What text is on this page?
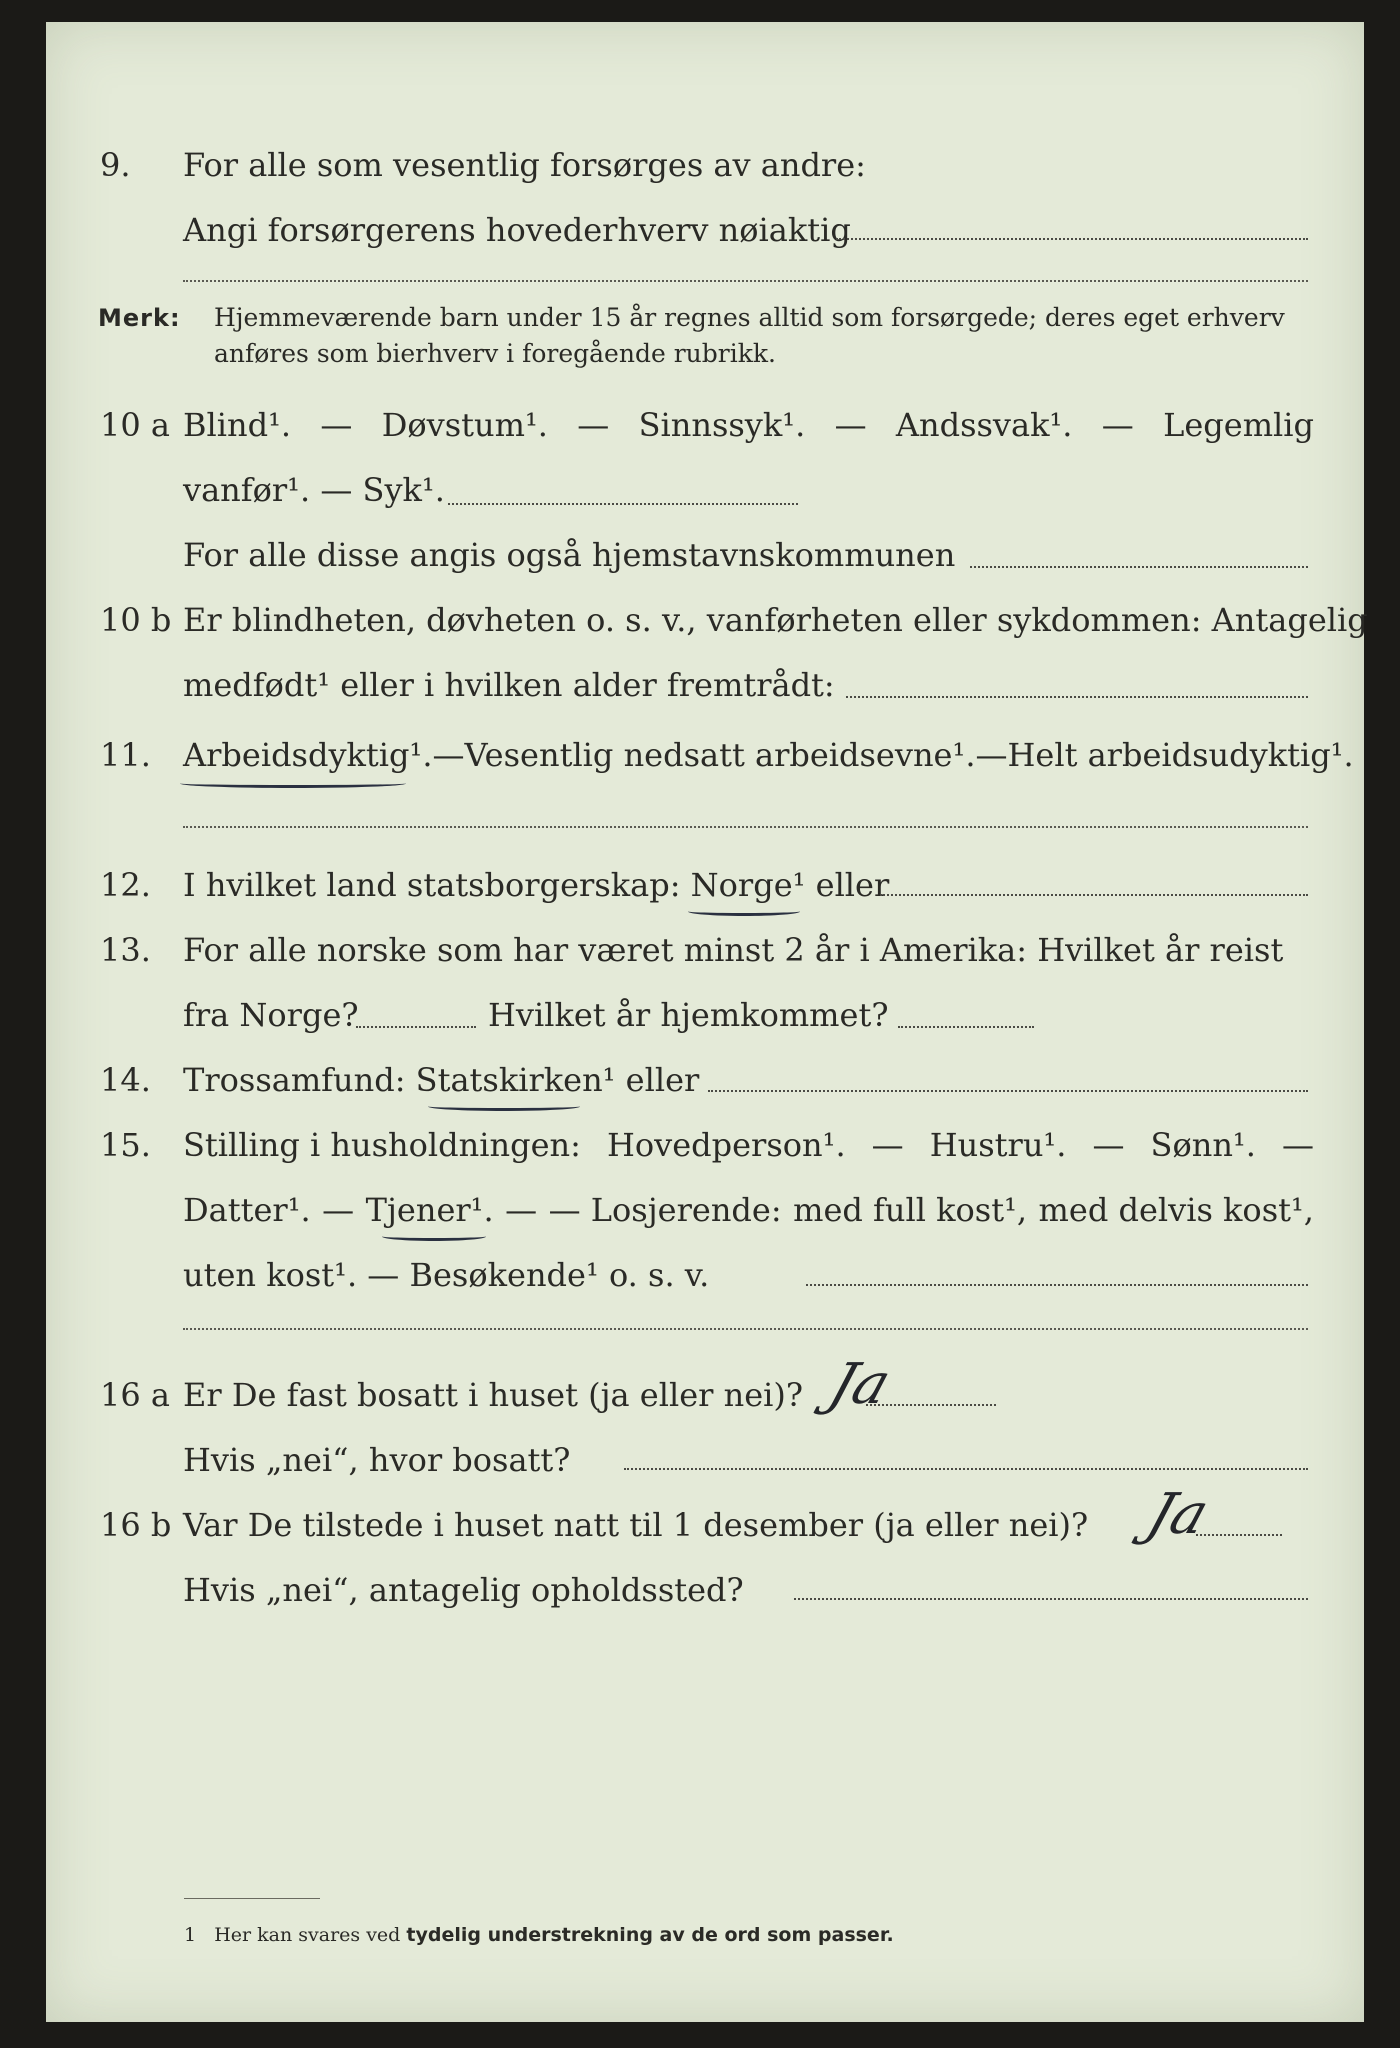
9. For alle som vesentlig forsørges av andre:
Angi forsørgerens hovederhverv nøiaktig
Merk: Hjemmeværende barn under 15 år regnes alltid som forsørgede; deres eget erhverv
anføres som bierhverv i foregående rubrikk.
10 a Blind¹. — Døvstum¹. — Sinnssyk¹. — Andssvak¹. — Legemlig
vanfør¹. — Syk¹.
For alle disse angis også hjemstavnskommunen
10 b Er blindheten, døvheten o. s. v., vanførheten eller sykdommen: Antagelig
medfødt¹ eller i hvilken alder fremtrådt:
11. Arbeidsdyktig¹. — Vesentlig nedsatt arbeidsevne¹. — Helt arbeidsudyktig¹.
12. I hvilket land statsborgerskap: Norge¹ eller
13. For alle norske som har været minst 2 år i Amerika: Hvilket år reist
fra Norge?	Hvilket år hjemkommet?
14. Trossamfund: Statskirken¹ eller
15. Stilling i husholdningen: Hovedperson¹. — Hustru¹. — Sønn¹. —
Datter¹. — Tjener¹. — — Losjerende: med full kost¹, med delvis kost¹,
uten kost¹. — Besøkende¹ o. s. v.
16 a Er De fast bosatt i huset (ja eller nei)? Ja
Hvis „nei“, hvor bosatt?
16 b Var De tilstede i huset natt til 1 desember (ja eller nei)? Ja
Hvis „nei“, antagelig opholdssted?
1 Her kan svares ved tydelig understrekning av de ord som passer.
